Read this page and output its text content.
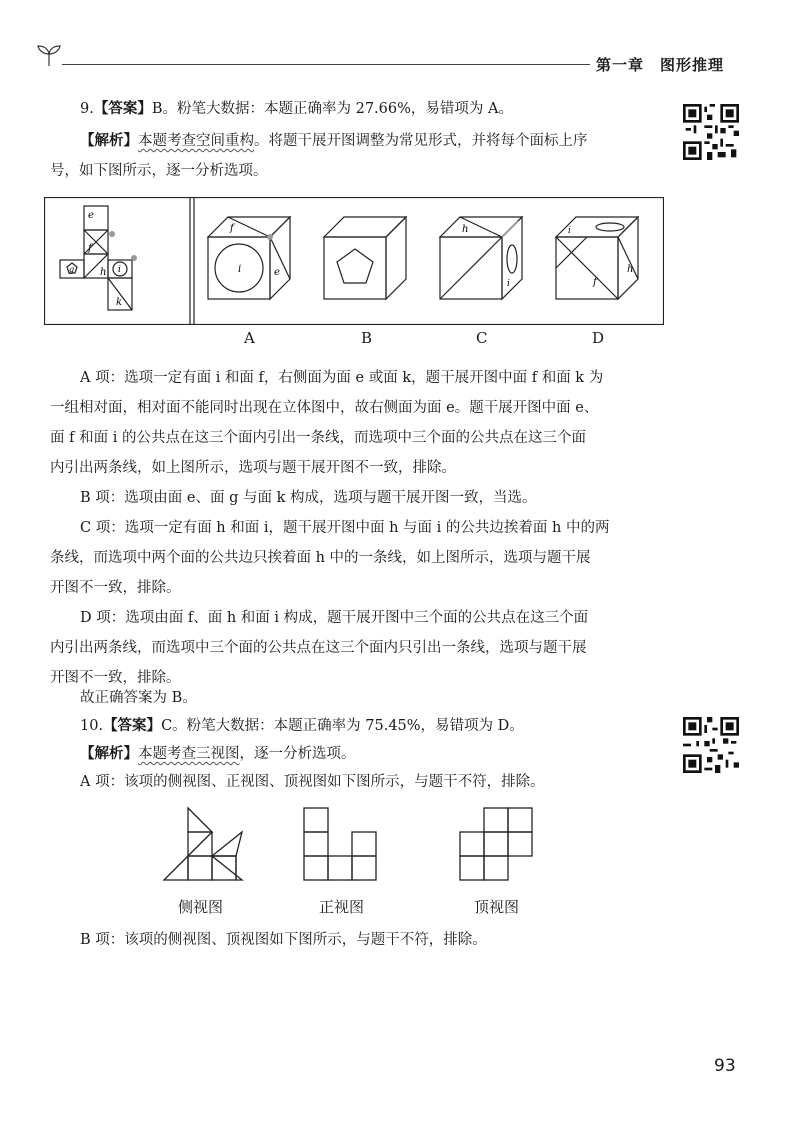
第一章　图形推理
9.【答案】B。粉笔大数据：本题正确率为 27.66%，易错项为 A。
【解析】本题考查空间重构。将题干展开图调整为常见形式，并将每个面标上序
号，如下图所示，逐一分析选项。
e
f
g	h i
k
f
i	e
h
i
i
f
h
A	B	C	D
A 项：选项一定有面 i 和面 f，右侧面为面 e 或面 k，题干展开图中面 f 和面 k 为
一组相对面，相对面不能同时出现在立体图中，故右侧面为面 e。题干展开图中面 e、
面 f 和面 i 的公共点在这三个面内引出一条线，而选项中三个面的公共点在这三个面
内引出两条线，如上图所示，选项与题干展开图不一致，排除。
B 项：选项由面 e、面 g 与面 k 构成，选项与题干展开图一致，当选。
C 项：选项一定有面 h 和面 i，题干展开图中面 h 与面 i 的公共边挨着面 h 中的两
条线，而选项中两个面的公共边只挨着面 h 中的一条线，如上图所示，选项与题干展
开图不一致，排除。
D 项：选项由面 f、面 h 和面 i 构成，题干展开图中三个面的公共点在这三个面
内引出两条线，而选项中三个面的公共点在这三个面内只引出一条线，选项与题干展
开图不一致，排除。
故正确答案为 B。
10.【答案】C。粉笔大数据：本题正确率为 75.45%，易错项为 D。
【解析】本题考查三视图，逐一分析选项。
A 项：该项的侧视图、正视图、顶视图如下图所示，与题干不符，排除。
侧视图	正视图	顶视图
B 项：该项的侧视图、顶视图如下图所示，与题干不符，排除。
93
